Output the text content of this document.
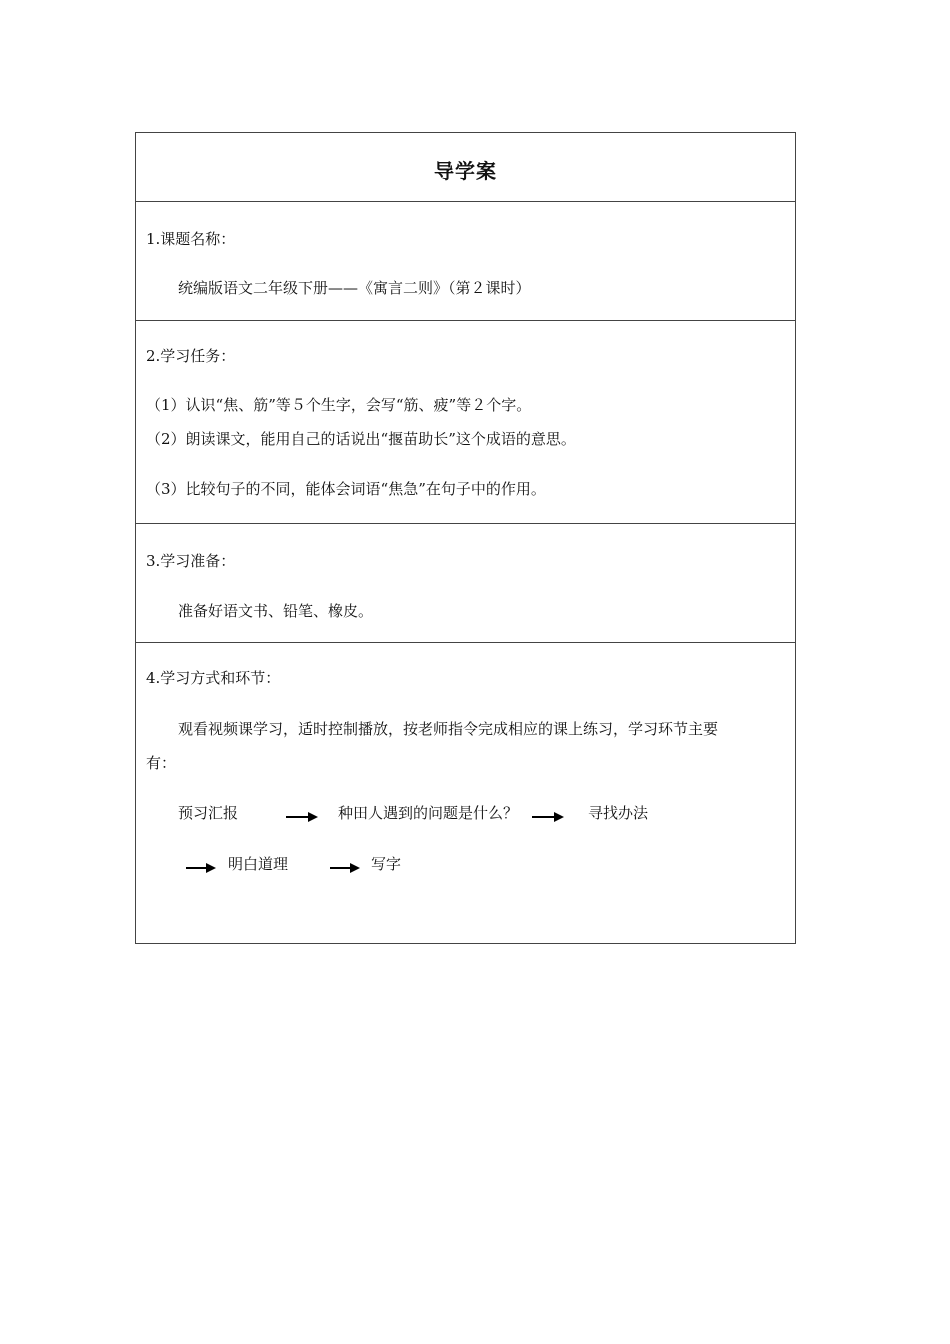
导学案
1.课题名称：
统编版语文二年级下册——《寓言二则》（第２课时）
2.学习任务：
（1）认识“焦、筋”等５个生字，会写“筋、疲”等２个字。
（2）朗读课文，能用自己的话说出“揠苗助长”这个成语的意思。
（3）比较句子的不同，能体会词语“焦急”在句子中的作用。
3.学习准备：
准备好语文书、铅笔、橡皮。
4.学习方式和环节：
观看视频课学习，适时控制播放，按老师指令完成相应的课上练习，学习环节主要
有：
预习汇报	种田人遇到的问题是什么？	寻找办法
明白道理	写字
